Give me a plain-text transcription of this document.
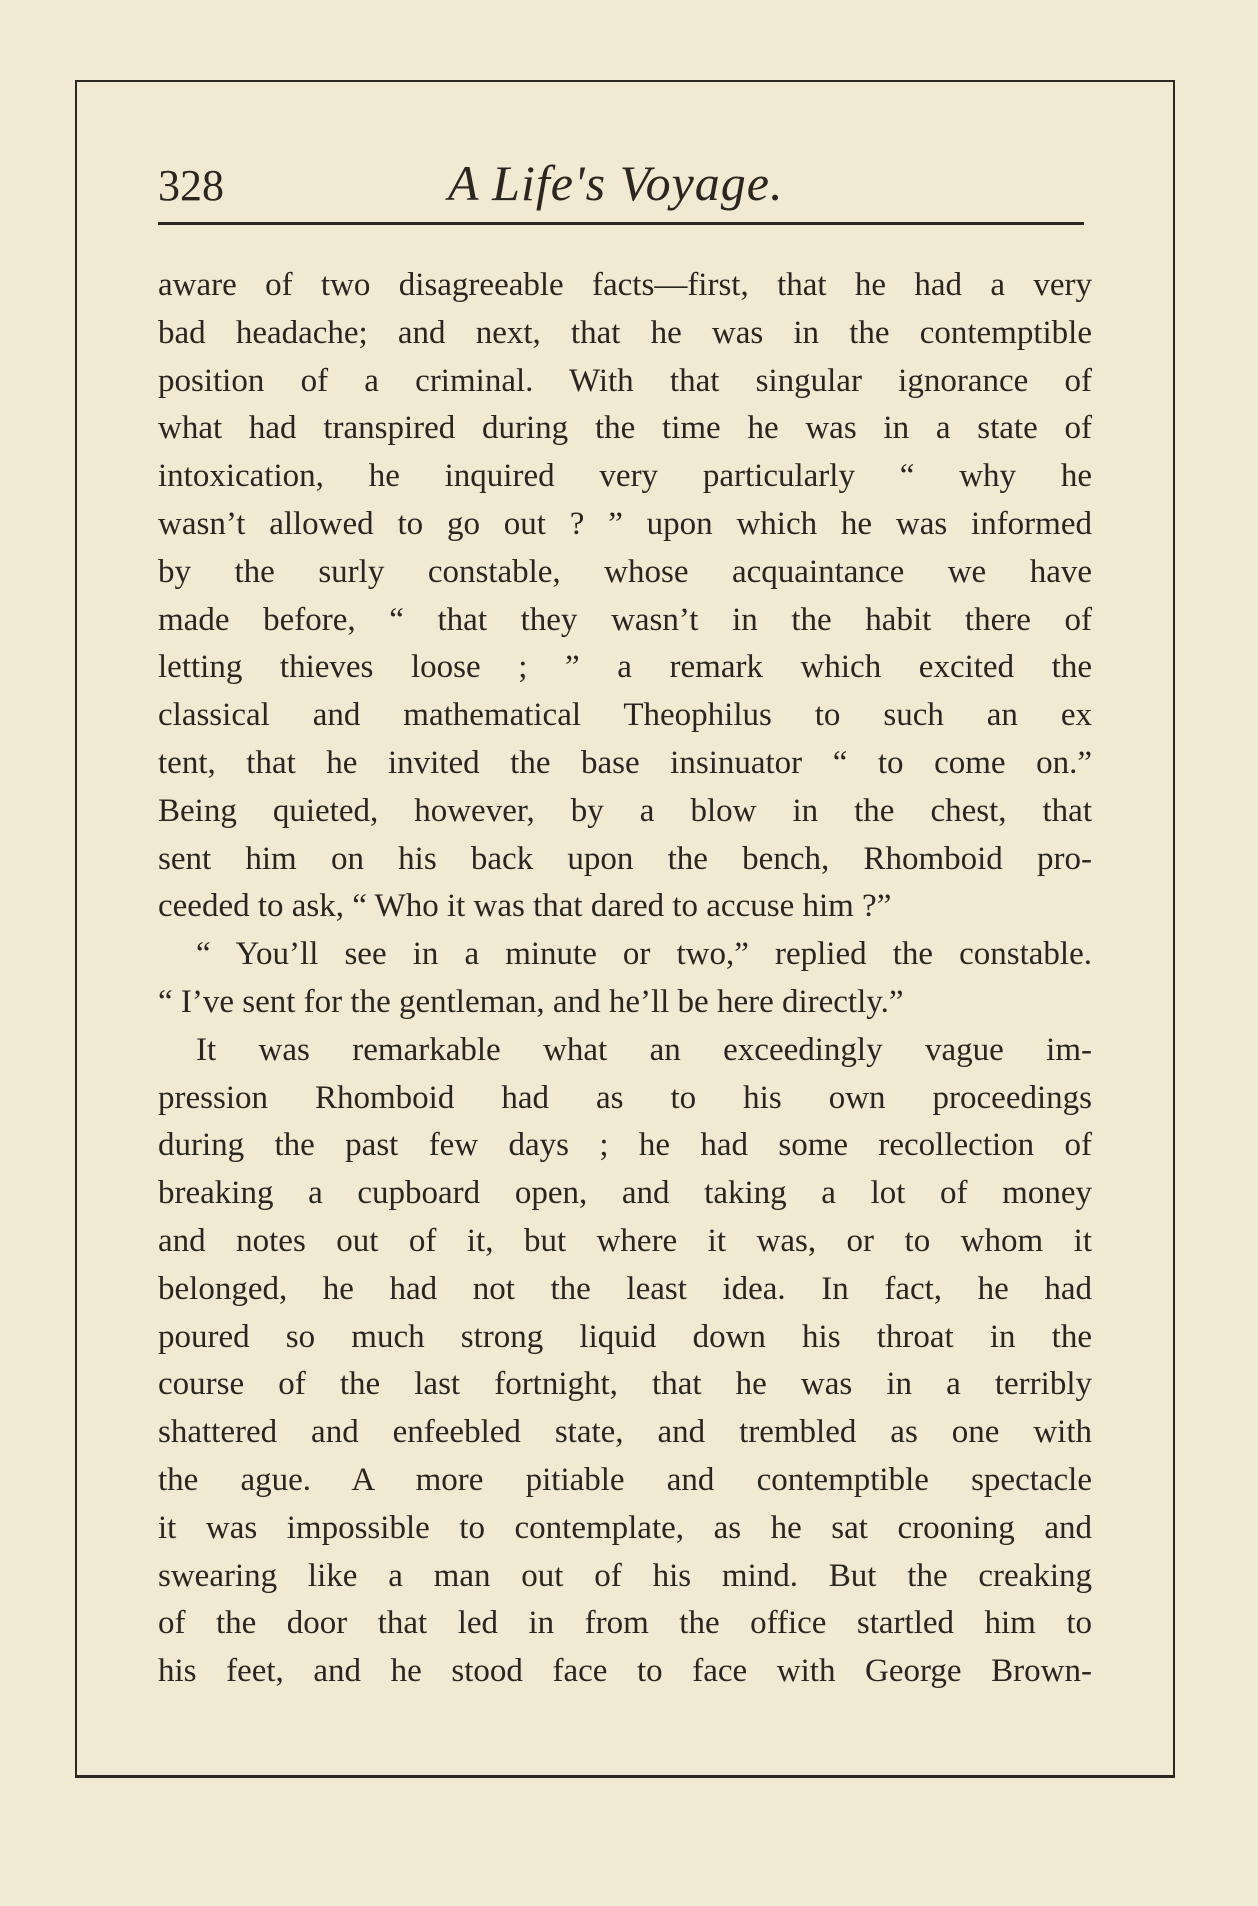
328	A Life's Voyage.
aware of two disagreeable facts—first, that he had a very
bad headache; and next, that he was in the contemptible
position of a criminal. With that singular ignorance of
what had transpired during the time he was in a state of
intoxication, he inquired very particularly “ why he
wasn’t allowed to go out ? ” upon which he was informed
by the surly constable, whose acquaintance we have
made before, “ that they wasn’t in the habit there of
letting thieves loose ; ” a remark which excited the
classical and mathematical Theophilus to such an ex
tent, that he invited the base insinuator “ to come on.”
Being quieted, however, by a blow in the chest, that
sent him on his back upon the bench, Rhomboid pro-
ceeded to ask, “ Who it was that dared to accuse him ?”
“ You’ll see in a minute or two,” replied the constable.
“ I’ve sent for the gentleman, and he’ll be here directly.”
It was remarkable what an exceedingly vague im-
pression Rhomboid had as to his own proceedings
during the past few days ; he had some recollection of
breaking a cupboard open, and taking a lot of money
and notes out of it, but where it was, or to whom it
belonged, he had not the least idea. In fact, he had
poured so much strong liquid down his throat in the
course of the last fortnight, that he was in a terribly
shattered and enfeebled state, and trembled as one with
the ague. A more pitiable and contemptible spectacle
it was impossible to contemplate, as he sat crooning and
swearing like a man out of his mind. But the creaking
of the door that led in from the office startled him to
his feet, and he stood face to face with George Brown-
